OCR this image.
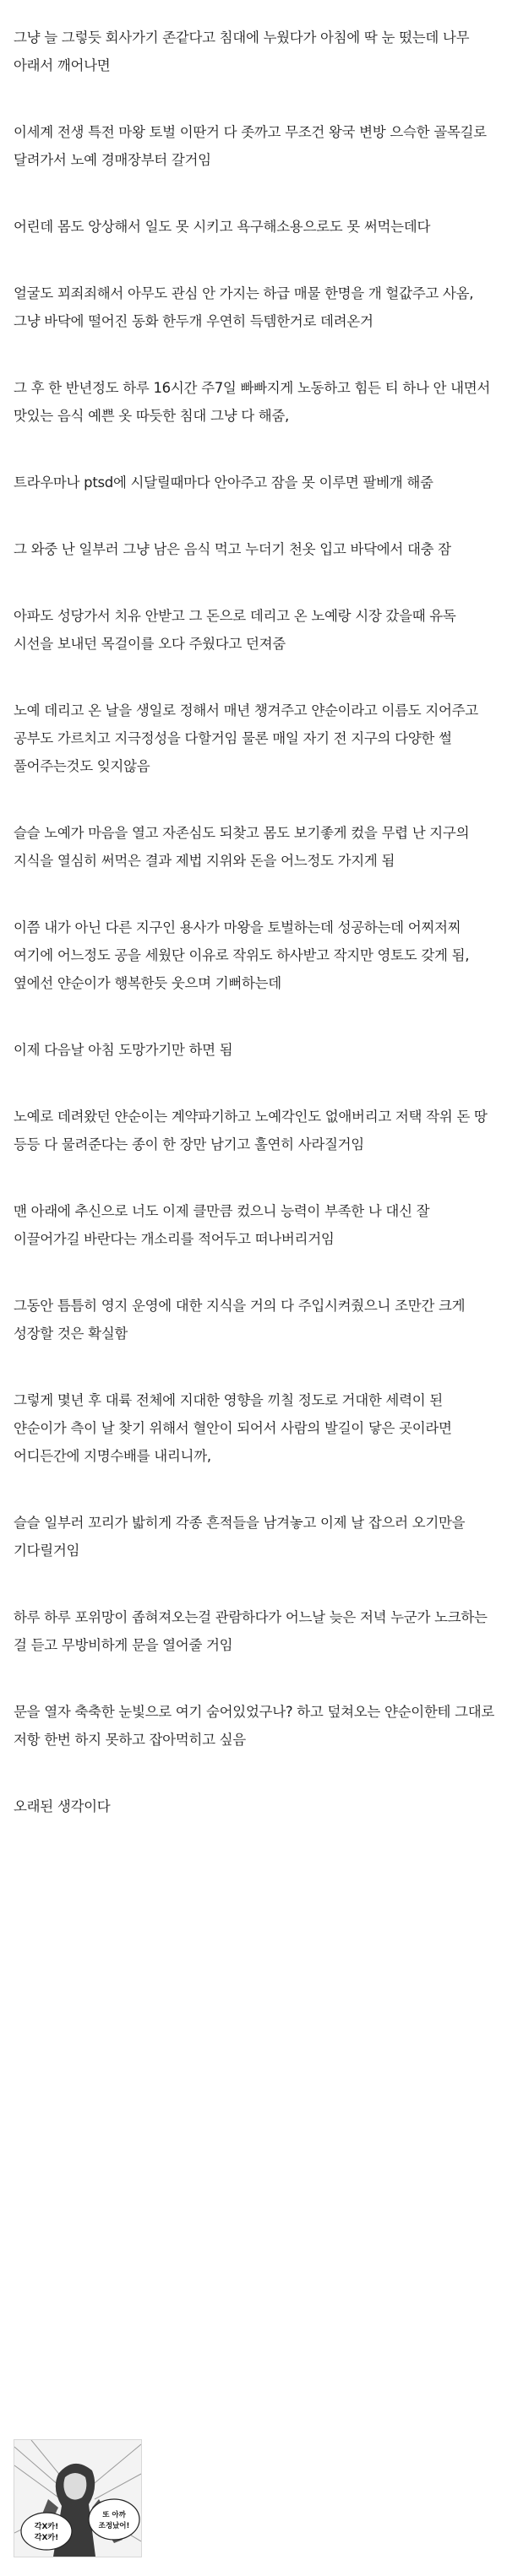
그냥 늘 그렇듯 회사가기 존같다고 침대에 누웠다가 아침에 딱 눈 떴는데 나무 아래서 깨어나면

이세계 전생 특전 마왕 토벌 이딴거 다 좃까고 무조건 왕국 변방 으슥한 골목길로 달려가서 노예 경매장부터 갈거임

어린데 몸도 앙상해서 일도 못 시키고 욕구해소용으로도 못 써먹는데다

얼굴도 꾀죄죄해서 아무도 관심 안 가지는 하급 매물 한명을 개 헐값주고 사옴, 그냥 바닥에 떨어진 동화 한두개 우연히 득템한거로 데려온거

그 후 한 반년정도 하루 16시간 주7일 빠빠지게 노동하고 힘든 티 하나 안 내면서 맛있는 음식 예쁜 옷 따듯한 침대 그냥 다 해줌,

트라우마나 ptsd에 시달릴때마다 안아주고 잠을 못 이루면 팔베개 해줌

그 와중 난 일부러 그냥 남은 음식 먹고 누더기 천옷 입고 바닥에서 대충 잠

아파도 성당가서 치유 안받고 그 돈으로 데리고 온 노예랑 시장 갔을때 유독 시선을 보내던 목걸이를 오다 주웠다고 던져줌

노예 데리고 온 날을 생일로 정해서 매년 챙겨주고 얀순이라고 이름도 지어주고 공부도 가르치고 지극정성을 다할거임 물론 매일 자기 전 지구의 다양한 썰 풀어주는것도 잊지않음

슬슬 노예가 마음을 열고 자존심도 되찾고 몸도 보기좋게 컸을 무렵 난 지구의 지식을 열심히 써먹은 결과 제법 지위와 돈을 어느정도 가지게 됨

이쯤 내가 아닌 다른 지구인 용사가 마왕을 토벌하는데 성공하는데 어찌저찌 여기에 어느정도 공을 세웠단 이유로 작위도 하사받고 작지만 영토도 갖게 됨, 옆에선 얀순이가 행복한듯 웃으며 기뻐하는데

이제 다음날 아침 도망가기만 하면 됨

노예로 데려왔던 얀순이는 계약파기하고 노예각인도 없애버리고 저택 작위 돈 땅 등등 다 물려준다는 종이 한 장만 남기고 훌연히 사라질거임

맨 아래에 추신으로 너도 이제 클만큼 컸으니 능력이 부족한 나 대신 잘 이끌어가길 바란다는 개소리를 적어두고 떠나버리거임

그동안 틈틈히 영지 운영에 대한 지식을 거의 다 주입시켜줬으니 조만간 크게 성장할 것은 확실함

그렇게 몇년 후 대륙 전체에 지대한 영향을 끼칠 정도로 거대한 세력이 된 얀순이가 측이 날 찾기 위해서 혈안이 되어서 사람의 발길이 닿은 곳이라면 어디든간에 지명수배를 내리니까,

슬슬 일부러 꼬리가 밟히게 각종 흔적들을 남겨놓고 이제 날 잡으러 오기만을 기다릴거임

하루 하루 포위망이 좁혀져오는걸 관람하다가 어느날 늦은 저녁 누군가 노크하는 걸 듣고 무방비하게 문을 열어줄 거임

문을 열자 축축한 눈빛으로 여기 숨어있었구나? 하고 덮쳐오는 얀순이한테 그대로 저항 한번 하지 못하고 잡아먹히고 싶음

오래된 생각이다

각X카!
각X카!
또 아까
조정났어!
